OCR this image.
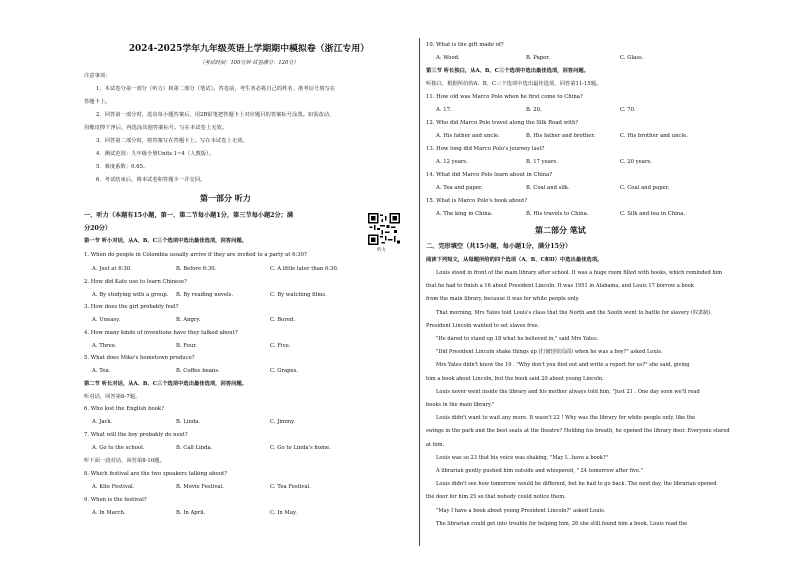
2024-2025学年九年级英语上学期期中模拟卷（浙江专用）
（考试时间：100分钟 试卷满分：120分）
注意事项：
1．本试卷分第一部分（听力）和第二部分（笔试）。答卷前，考生务必将自己的姓名、准考证号填写在
答题卡上。
2．回答第一部分时，选出每小题答案后，用2B铅笔把答题卡上对应题目的答案标号涂黑。如需改动，
用橡皮擦干净后，再选涂其他答案标号。写在本试卷上无效。
3．回答第二部分时，将答案写在答题卡上。写在本试卷上无效。
4．测试范围：九年级全册Units 1~4（人教版）。
5．难度系数：0.65。
6．考试结束后，将本试卷和答题卡一并交回。
第一部分 听力
一、听力（本题有15小题，第一、第二节每小题1分，第三节每小题2分；满
分20分）
听力
第一节 听小对话，从A、B、C三个选项中选出最佳选项，回答问题。
1. When do people in Colombia usually arrive if they are invited to a party at 6:30?
A. Just at 6:30.	B. Before 6:30.	C. A little later than 6:30.
2. How did Kate use to learn Chinese?
A. By studying with a group. B. By reading novels.	C. By watching films.
3. How does the girl probably feel?
A. Uneasy.	B. Angry.	C. Bored.
4. How many kinds of inventions have they talked about?
A. Three.	B. Four.	C. Five.
5. What does Mike's hometown produce?
A. Tea.	B. Coffee beans.	C. Grapes.
第二节 听长对话，从A、B、C三个选项中选出最佳选项，回答问题。
听对话，回答第6-7题。
6. Who lost the English book?
A. Jack.	B. Linda.	C. Jimmy.
7. What will the boy probably do next?
A. Go to the school.	B. Call Linda.	C. Go to Linda's home.
听下面一段对话，回答第8-10题。
8. Which festival are the two speakers talking about?
A. Kite Festival.	B. Movie Festival.	C. Tea Festival.
9. When is the festival?
A. In March.	B. In April.	C. In May.
10. What is the gift made of?
A. Wood.	B. Paper.	C. Glass.
第三节 听长独白，从A、B、C三个选项中选出最佳选项，回答问题。
听独白，根据所给的A、B、C三个选项中选出最佳选项，回答第11-15题。
11. How old was Marco Polo when he first come to China?
A. 17.	B. 20.	C. 70.
12. Who did Marco Polo travel along the Silk Road with?
A. His father and uncle.	B. His father and brother.	C. His brother and uncle.
13. How long did Marco Polo's journey last?
A. 12 years.	B. 17 years.	C. 20 years.
14. What did Marco Polo learn about in China?
A. Tea and paper.	B. Coal and silk.	C. Coal and paper.
15. What is Marco Polo's book about?
A. The king in China.	B. His travels to China.	C. Silk and tea in China.
第二部分 笔试
二、完形填空（共15小题，每小题1分，满分15分）
阅读下列短文，从每题所给的四个选项（A、B、C和D）中选出最佳选项。
Louis stood in front of the main library after school. It was a huge room filled with books, which reminded him
that he had to finish a 16 about President Lincoln. It was 1951 in Alabama, and Louis 17 borrow a book
from the main library, because it was for white people only.
That morning, Mrs Yates told Louis's class that the North and the South went to battle for slavery (奴隶制).
President Lincoln wanted to set slaves free.
"He dared to stand up 18 what he believed in," said Mrs Yates.
"Did President Lincoln shake things up (打破现状局面) when he was a boy?" asked Louis.
Mrs Yates didn't know the 19 . "Why don't you find out and write a report for us?" she said, giving
him a book about Lincoln, but the book said 20 about young Lincoln.
Louis never went inside the library and his mother always told him, "Just 21 . One day soon we'll read
books in the main library."
Louis didn't want to wait any more. It wasn't 22 ! Why was the library for white people only, like the
swings in the park and the best seats at the theatre? Holding his breath, he opened the library door. Everyone stared
at him.
Louis was so 23 that his voice was shaking, "May I...have a book?"
A librarian gently pushed him outside and whispered, " 24 tomorrow after five."
Louis didn't see how tomorrow would be different, but he had to go back. The next day, the librarian opened
the door for him 25 so that nobody could notice them.
"May I have a book about young President Lincoln?" asked Louis.
The librarian could get into trouble for helping him, 26 she still found him a book. Louis read the
